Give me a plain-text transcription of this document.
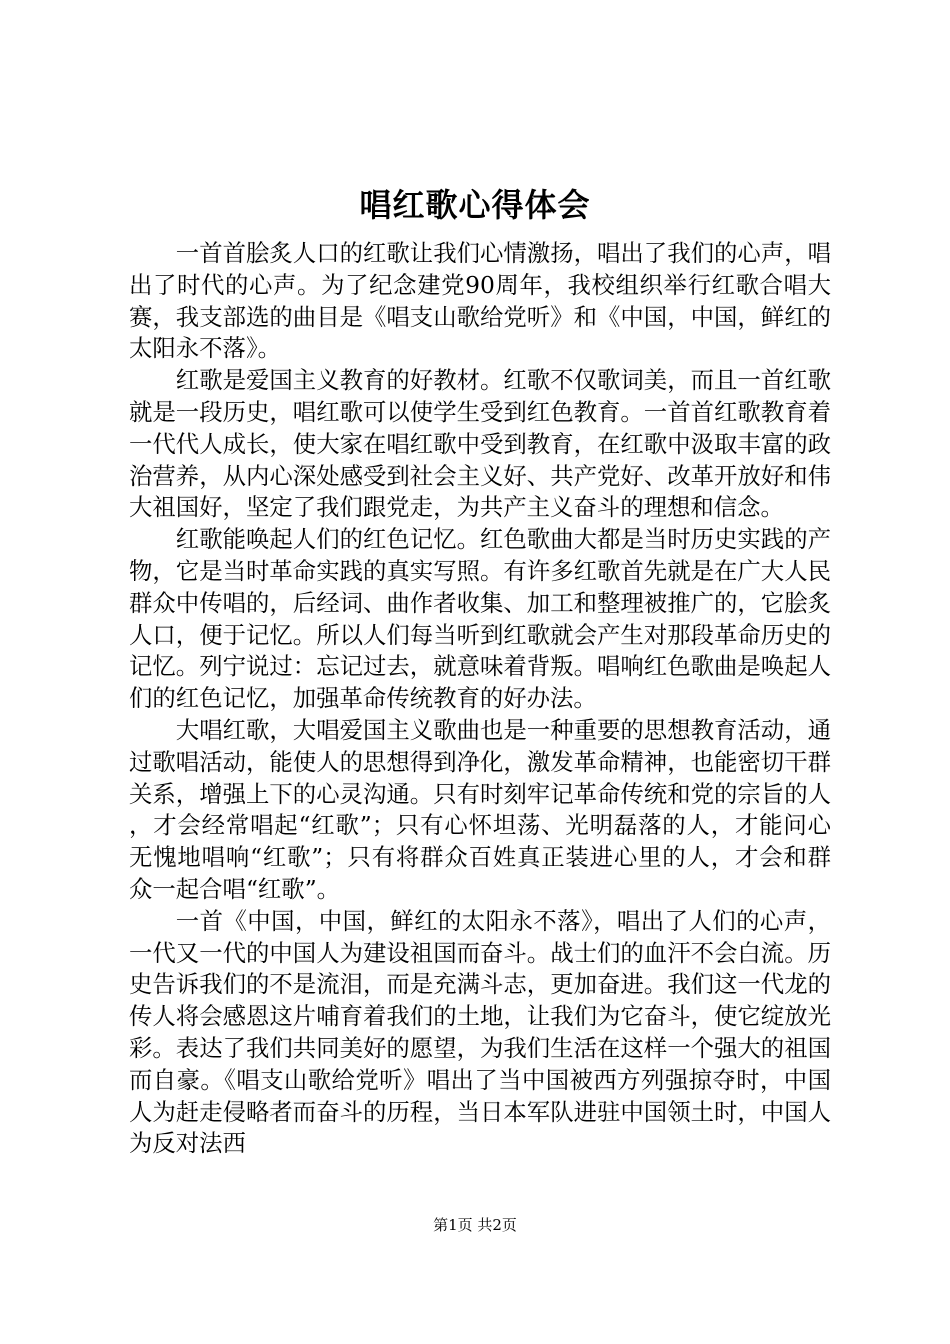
唱红歌心得体会

一首首脍炙人口的红歌让我们心情激扬，唱出了我们的心声，唱出了时代的心声。为了纪念建党90周年，我校组织举行红歌合唱大赛，我支部选的曲目是《唱支山歌给党听》和《中国，中国，鲜红的太阳永不落》。

红歌是爱国主义教育的好教材。红歌不仅歌词美，而且一首红歌就是一段历史，唱红歌可以使学生受到红色教育。一首首红歌教育着一代代人成长，使大家在唱红歌中受到教育，在红歌中汲取丰富的政治营养，从内心深处感受到社会主义好、共产党好、改革开放好和伟大祖国好，坚定了我们跟党走，为共产主义奋斗的理想和信念。

红歌能唤起人们的红色记忆。红色歌曲大都是当时历史实践的产物，它是当时革命实践的真实写照。有许多红歌首先就是在广大人民群众中传唱的，后经词、曲作者收集、加工和整理被推广的，它脍炙人口，便于记忆。所以人们每当听到红歌就会产生对那段革命历史的记忆。列宁说过：忘记过去，就意味着背叛。唱响红色歌曲是唤起人们的红色记忆，加强革命传统教育的好办法。

大唱红歌，大唱爱国主义歌曲也是一种重要的思想教育活动，通过歌唱活动，能使人的思想得到净化，激发革命精神，也能密切干群关系，增强上下的心灵沟通。只有时刻牢记革命传统和党的宗旨的人，才会经常唱起“红歌”；只有心怀坦荡、光明磊落的人，才能问心无愧地唱响“红歌”；只有将群众百姓真正装进心里的人，才会和群众一起合唱“红歌”。

一首《中国，中国，鲜红的太阳永不落》，唱出了人们的心声，一代又一代的中国人为建设祖国而奋斗。战士们的血汗不会白流。历史告诉我们的不是流泪，而是充满斗志，更加奋进。我们这一代龙的传人将会感恩这片哺育着我们的土地，让我们为它奋斗，使它绽放光彩。表达了我们共同美好的愿望，为我们生活在这样一个强大的祖国而自豪。《唱支山歌给党听》唱出了当中国被西方列强掠夺时，中国人为赶走侵略者而奋斗的历程，当日本军队进驻中国领土时，中国人为反对法西

第1页 共2页
